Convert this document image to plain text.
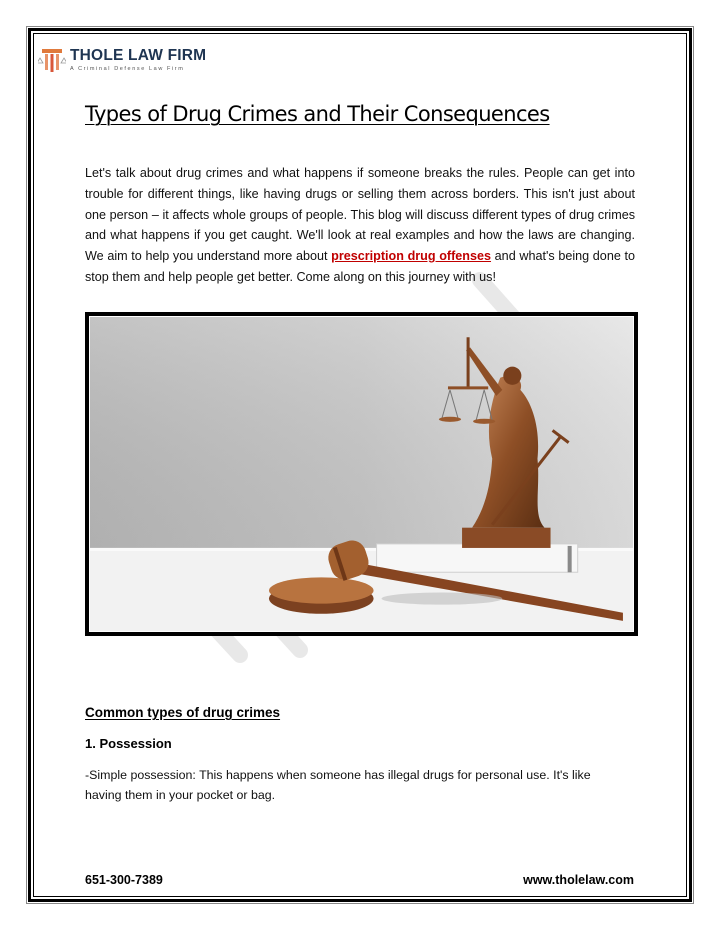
THOLE LAW FIRM
A Criminal Defense Law Firm
Types of Drug Crimes and Their Consequences

Let's talk about drug crimes and what happens if someone breaks the rules. People can get into trouble for different things, like having drugs or selling them across borders. This isn't just about one person – it affects whole groups of people. This blog will discuss different types of drug crimes and what happens if you get caught. We'll look at real examples and how the laws are changing. We aim to help you understand more about prescription drug offenses and what's being done to stop them and help people get better. Come along on this journey with us!

Common types of drug crimes
1. Possession

-Simple possession: This happens when someone has illegal drugs for personal use. It's like having them in your pocket or bag.

651-300-7389	www.tholelaw.com
